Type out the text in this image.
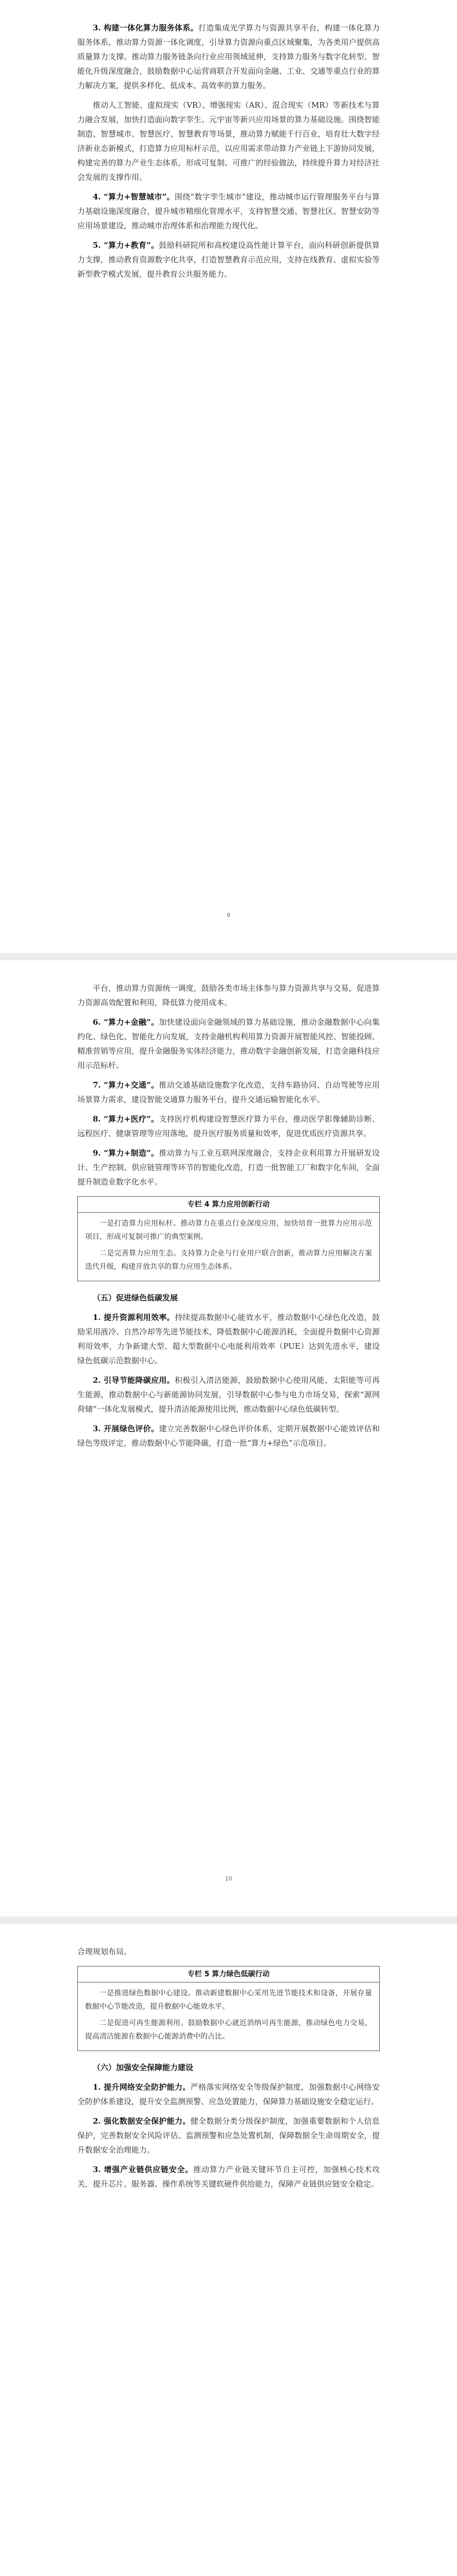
3. 构建一体化算力服务体系。打造集成光学算力与资源共享平台，构建一体化算力服务体系，推动算力资源一体化调度，引导算力资源向重点区域聚集，为各类用户提供高质量算力支撑。推动算力服务链条向行业应用领域延伸，支持算力服务与数字化转型、智能化升级深度融合，鼓励数据中心运营商联合开发面向金融、工业、交通等重点行业的算力解决方案，提供多样化、低成本、高效率的算力服务。

推动人工智能、虚拟现实（VR）、增强现实（AR）、混合现实（MR）等新技术与算力融合发展，加快打造面向数字孪生、元宇宙等新兴应用场景的算力基础设施。围绕智能制造、智慧城市、智慧医疗、智慧教育等场景，推动算力赋能千行百业，培育壮大数字经济新业态新模式，打造算力应用标杆示范，以应用需求带动算力产业链上下游协同发展，构建完善的算力产业生态体系，形成可复制、可推广的经验做法，持续提升算力对经济社会发展的支撑作用。

4. “算力+智慧城市”。围绕“数字孪生城市”建设，推动城市运行管理服务平台与算力基础设施深度融合，提升城市精细化管理水平，支持智慧交通、智慧社区、智慧安防等应用场景建设，推动城市治理体系和治理能力现代化。

5. “算力+教育”。鼓励科研院所和高校建设高性能计算平台，面向科研创新提供算力支撑，推动教育资源数字化共享，打造智慧教育示范应用，支持在线教育、虚拟实验等新型教学模式发展，提升教育公共服务能力。

9

平台，推动算力资源统一调度，鼓励各类市场主体参与算力资源共享与交易，促进算力资源高效配置和利用，降低算力使用成本。

6. “算力+金融”。加快建设面向金融领域的算力基础设施，推动金融数据中心向集约化、绿色化、智能化方向发展，支持金融机构利用算力资源开展智能风控、智能投顾、精准营销等应用，提升金融服务实体经济能力，推动数字金融创新发展，打造金融科技应用示范标杆。

7. “算力+交通”。推动交通基础设施数字化改造，支持车路协同、自动驾驶等应用场景算力需求，建设智能交通算力服务平台，提升交通运输智能化水平。

8. “算力+医疗”。支持医疗机构建设智慧医疗算力平台，推动医学影像辅助诊断、远程医疗、健康管理等应用落地，提升医疗服务质量和效率，促进优质医疗资源共享。

9. “算力+制造”。推动算力与工业互联网深度融合，支持企业利用算力开展研发设计、生产控制、供应链管理等环节的智能化改造，打造一批智能工厂和数字化车间，全面提升制造业数字化水平。

专栏 4 算力应用创新行动

一是打造算力应用标杆。推动算力在重点行业深度应用，加快培育一批算力应用示范项目，形成可复制可推广的典型案例。

二是完善算力应用生态。支持算力企业与行业用户联合创新，推动算力应用解决方案迭代升级，构建开放共享的算力应用生态体系。

（五）促进绿色低碳发展

1. 提升资源利用效率。持续提高数据中心能效水平，推动数据中心绿色化改造，鼓励采用液冷、自然冷却等先进节能技术，降低数据中心能源消耗，全面提升数据中心资源利用效率，力争新建大型、超大型数据中心电能利用效率（PUE）达到先进水平，建设绿色低碳示范数据中心。

2. 引导节能降碳应用。积极引入清洁能源，鼓励数据中心使用风能、太阳能等可再生能源，推动数据中心与新能源协同发展，引导数据中心参与电力市场交易，探索“源网荷储”一体化发展模式，提升清洁能源使用比例，推动数据中心绿色低碳转型。

3. 开展绿色评价。建立完善数据中心绿色评价体系，定期开展数据中心能效评估和绿色等级评定，推动数据中心节能降碳，打造一批“算力+绿色”示范项目。

10

合理规划布局。

专栏 5 算力绿色低碳行动

一是推进绿色数据中心建设。推动新建数据中心采用先进节能技术和设备，开展存量数据中心节能改造，提升数据中心能效水平。

二是促进可再生能源利用。鼓励数据中心就近消纳可再生能源，推动绿色电力交易，提高清洁能源在数据中心能源消费中的占比。

（六）加强安全保障能力建设

1. 提升网络安全防护能力。严格落实网络安全等级保护制度，加强数据中心网络安全防护体系建设，提升安全监测预警、应急处置能力，保障算力基础设施安全稳定运行。

2. 强化数据安全保护能力。健全数据分类分级保护制度，加强重要数据和个人信息保护，完善数据安全风险评估、监测预警和应急处置机制，保障数据全生命周期安全，提升数据安全治理能力。

3. 增强产业链供应链安全。推动算力产业链关键环节自主可控，加强核心技术攻关，提升芯片、服务器、操作系统等关键软硬件供给能力，保障产业链供应链安全稳定。
